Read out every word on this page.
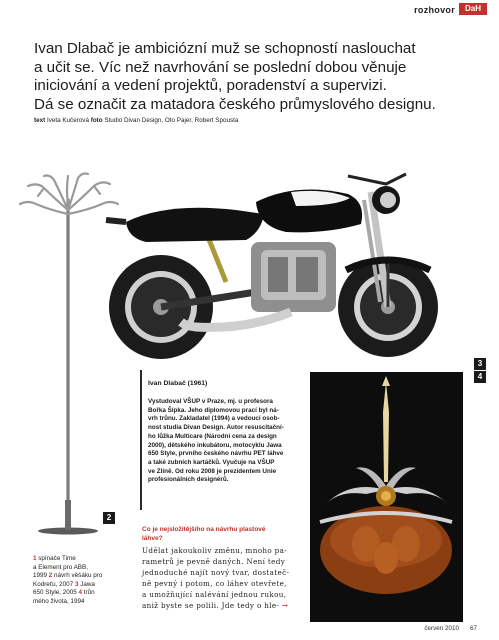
rozhovor	DaH

Ivan Dlabač je ambiciózní muž se schopností naslouchat

a učit se. Víc než navrhování se poslední dobou věnuje

iniciování a vedení projektů, poradenství a supervizi.

Dá se označit za matadora českého průmyslového designu.

text Iveta Kučerová foto Studio Divan Design, Oto Pajer, Robert Spousta
2
Ivan Dlabač (1961)
Vystudoval VŠUP v Praze, mj. u profesora
Bořka Šípka. Jeho diplomovou prací byl ná-
vrh trůnu. Zakladatel (1994) a vedoucí osob-
nost studia Divan Design. Autor resuscitační-
ho lůžka Multicare (Národní cena za design
2000), dětského inkubátoru, motocyklu Jawa
650 Style, prvního českého návrhu PET láhve
a také zubních kartáčků. Vyučuje na VŠUP
ve Zlíně. Od roku 2008 je prezidentem Unie
profesionálních designérů.
3
4
1 spínače Time
a Element pro ABB,
1999 2 návrh věšáku pro
Kodreťu, 2007 3 Jawa
650 Style, 2005 4 trůn
mého života, 1994
Co je nejsložitějšího na návrhu plastové
láhve?
Udělat jakoukoliv změnu, mnoho pa-
rametrů je pevně daných. Není tedy
jednoduché najít nový tvar, dostateč-
ně pevný i potom, co láhev otevřete,
a umožňující nalévání jednou rukou,
aniž byste se polili. Jde tedy o hle- →
červen 2010 67
